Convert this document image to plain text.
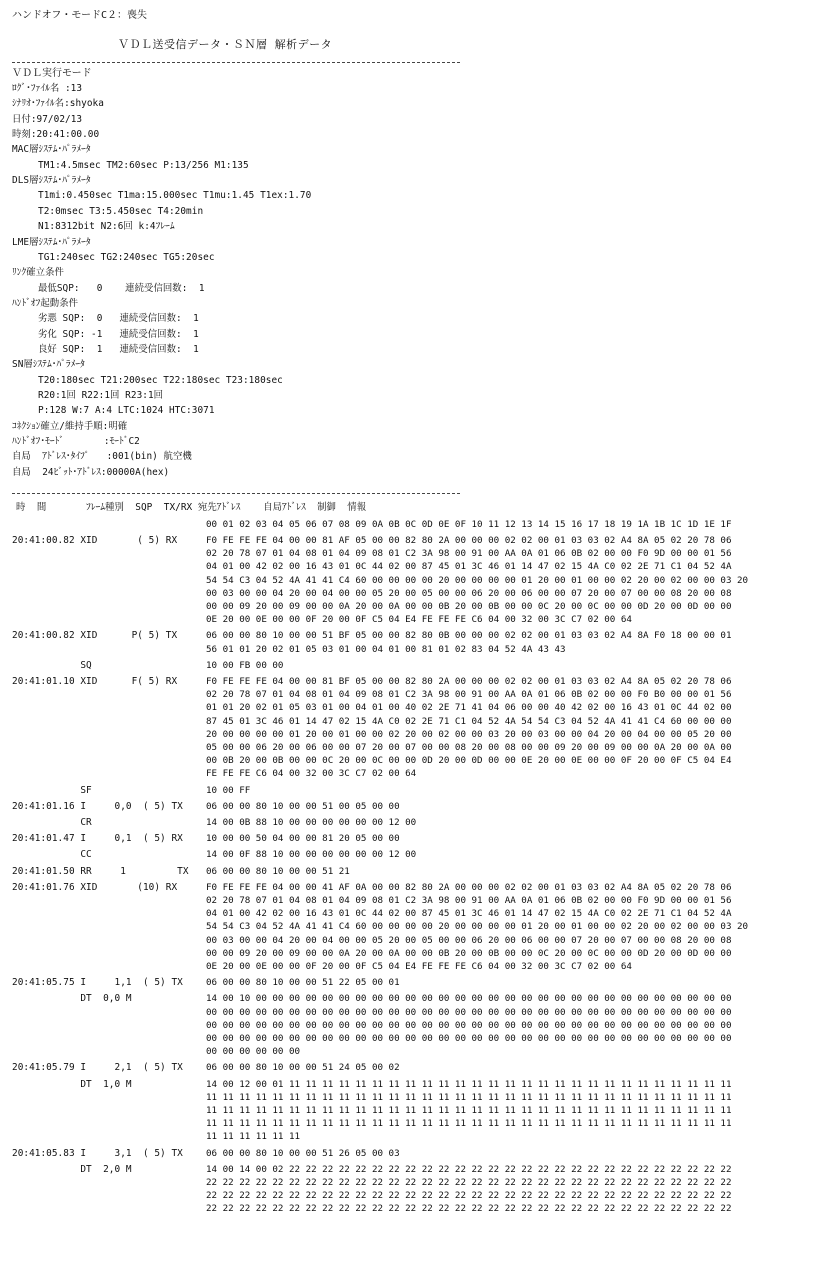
ハンドオフ・モードC２：喪失
ＶＤＬ送受信データ・ＳＮ層 解析データ
ＶＤＬ実行モード
ﾛｸﾞ･ﾌｧｲﾙ名 :13
ｼﾅﾘｵ･ﾌｧｲﾙ名:shyoka
日付:97/02/13
時刻:20:41:00.00
MAC層ｼｽﾃﾑ･ﾊﾟﾗﾒｰﾀ
TM1:4.5msec TM2:60sec P:13/256 M1:135
DLS層ｼｽﾃﾑ･ﾊﾟﾗﾒｰﾀ
T1mi:0.450sec T1ma:15.000sec T1mu:1.45 T1ex:1.70
T2:0msec T3:5.450sec T4:20min
N1:8312bit N2:6回 k:4ﾌﾚｰﾑ
LME層ｼｽﾃﾑ･ﾊﾟﾗﾒｰﾀ
TG1:240sec TG2:240sec TG5:20sec
ﾘﾝｸ確立条件
最低SQP:   0    連続受信回数:  1
ﾊﾝﾄﾞｵﾌ起動条件
劣悪 SQP:  0   連続受信回数:  1
劣化 SQP: -1   連続受信回数:  1
良好 SQP:  1   連続受信回数:  1
SN層ｼｽﾃﾑ･ﾊﾟﾗﾒｰﾀ
T20:180sec T21:200sec T22:180sec T23:180sec
R20:1回 R22:1回 R23:1回
P:128 W:7 A:4 LTC:1024 HTC:3071
ｺﾈｸｼｮﾝ確立/維持手順:明確
ﾊﾝﾄﾞｵﾌ･ﾓｰﾄﾞ       :ﾓｰﾄﾞC2
自局  ｱﾄﾞﾚｽ･ﾀｲﾌﾟ   :001(bin) 航空機
自局  24ﾋﾞｯﾄ･ｱﾄﾞﾚｽ:00000A(hex)
時  間       ﾌﾚｰﾑ種別  SQP  TX/RX 宛先ｱﾄﾞﾚｽ    自局ｱﾄﾞﾚｽ  制御  情報
00 01 02 03 04 05 06 07 08 09 0A 0B 0C 0D 0E 0F 10 11 12 13 14 15 16 17 18 19 1A 1B 1C 1D 1E 1F
20:41:00.82 XID       ( 5) RX	F0 FE FE FE 04 00 00 81 AF 05 00 00 82 80 2A 00 00 00 02 02 00 01 03 03 02 A4 8A 05 02 20 78 06
02 20 78 07 01 04 08 01 04 09 08 01 C2 3A 98 00 91 00 AA 0A 01 06 0B 02 00 00 F0 9D 00 00 01 56
04 01 00 42 02 00 16 43 01 0C 44 02 00 87 45 01 3C 46 01 14 47 02 15 4A C0 02 2E 71 C1 04 52 4A
54 54 C3 04 52 4A 41 41 C4 60 00 00 00 00 20 00 00 00 00 01 20 00 01 00 00 02 20 00 02 00 00 03 20
00 03 00 00 04 20 00 04 00 00 05 20 00 05 00 00 06 20 00 06 00 00 07 20 00 07 00 00 08 20 00 08
00 00 09 20 00 09 00 00 0A 20 00 0A 00 00 0B 20 00 0B 00 00 0C 20 00 0C 00 00 0D 20 00 0D 00 00
0E 20 00 0E 00 00 0F 20 00 0F C5 04 E4 FE FE FE C6 04 00 32 00 3C C7 02 00 64
20:41:00.82 XID      P( 5) TX	06 00 00 80 10 00 00 51 BF 05 00 00 82 80 0B 00 00 00 02 02 00 01 03 03 02 A4 8A F0 18 00 00 01
56 01 01 20 02 01 05 03 01 00 04 01 00 81 01 02 83 04 52 4A 43 43
SQ	10 00 FB 00 00
20:41:01.10 XID      F( 5) RX	F0 FE FE FE 04 00 00 81 BF 05 00 00 82 80 2A 00 00 00 02 02 00 01 03 03 02 A4 8A 05 02 20 78 06
02 20 78 07 01 04 08 01 04 09 08 01 C2 3A 98 00 91 00 AA 0A 01 06 0B 02 00 00 F0 B0 00 00 01 56
01 01 20 02 01 05 03 01 00 04 01 00 40 02 2E 71 41 04 06 00 00 40 42 02 00 16 43 01 0C 44 02 00
87 45 01 3C 46 01 14 47 02 15 4A C0 02 2E 71 C1 04 52 4A 54 54 C3 04 52 4A 41 41 C4 60 00 00 00
20 00 00 00 00 01 20 00 01 00 00 02 20 00 02 00 00 03 20 00 03 00 00 04 20 00 04 00 00 05 20 00
05 00 00 06 20 00 06 00 00 07 20 00 07 00 00 08 20 00 08 00 00 09 20 00 09 00 00 0A 20 00 0A 00
00 0B 20 00 0B 00 00 0C 20 00 0C 00 00 0D 20 00 0D 00 00 0E 20 00 0E 00 00 0F 20 00 0F C5 04 E4
FE FE FE C6 04 00 32 00 3C C7 02 00 64
SF	10 00 FF
20:41:01.16 I     0,0  ( 5) TX	06 00 00 80 10 00 00 51 00 05 00 00
CR	14 00 0B 88 10 00 00 00 00 00 00 12 00
20:41:01.47 I     0,1  ( 5) RX	10 00 00 50 04 00 00 81 20 05 00 00
CC	14 00 0F 88 10 00 00 00 00 00 00 12 00
20:41:01.50 RR     1         TX 06 00 00 80 10 00 00 51 21
20:41:01.76 XID       (10) RX	F0 FE FE FE 04 00 00 41 AF 0A 00 00 82 80 2A 00 00 00 02 02 00 01 03 03 02 A4 8A 05 02 20 78 06
02 20 78 07 01 04 08 01 04 09 08 01 C2 3A 98 00 91 00 AA 0A 01 06 0B 02 00 00 F0 9D 00 00 01 56
04 01 00 42 02 00 16 43 01 0C 44 02 00 87 45 01 3C 46 01 14 47 02 15 4A C0 02 2E 71 C1 04 52 4A
54 54 C3 04 52 4A 41 41 C4 60 00 00 00 00 20 00 00 00 00 01 20 00 01 00 00 02 20 00 02 00 00 03 20
00 03 00 00 04 20 00 04 00 00 05 20 00 05 00 00 06 20 00 06 00 00 07 20 00 07 00 00 08 20 00 08
00 00 09 20 00 09 00 00 0A 20 00 0A 00 00 0B 20 00 0B 00 00 0C 20 00 0C 00 00 0D 20 00 0D 00 00
0E 20 00 0E 00 00 0F 20 00 0F C5 04 E4 FE FE FE C6 04 00 32 00 3C C7 02 00 64
20:41:05.75 I     1,1  ( 5) TX	06 00 00 80 10 00 00 51 22 05 00 01
DT  0,0 M	14 00 10 00 00 00 00 00 00 00 00 00 00 00 00 00 00 00 00 00 00 00 00 00 00 00 00 00 00 00 00 00
00 00 00 00 00 00 00 00 00 00 00 00 00 00 00 00 00 00 00 00 00 00 00 00 00 00 00 00 00 00 00 00
00 00 00 00 00 00 00 00 00 00 00 00 00 00 00 00 00 00 00 00 00 00 00 00 00 00 00 00 00 00 00 00
00 00 00 00 00 00 00 00 00 00 00 00 00 00 00 00 00 00 00 00 00 00 00 00 00 00 00 00 00 00 00 00
00 00 00 00 00 00
20:41:05.79 I     2,1  ( 5) TX	06 00 00 80 10 00 00 51 24 05 00 02
DT  1,0 M	14 00 12 00 01 11 11 11 11 11 11 11 11 11 11 11 11 11 11 11 11 11 11 11 11 11 11 11 11 11 11 11
11 11 11 11 11 11 11 11 11 11 11 11 11 11 11 11 11 11 11 11 11 11 11 11 11 11 11 11 11 11 11 11
11 11 11 11 11 11 11 11 11 11 11 11 11 11 11 11 11 11 11 11 11 11 11 11 11 11 11 11 11 11 11 11
11 11 11 11 11 11 11 11 11 11 11 11 11 11 11 11 11 11 11 11 11 11 11 11 11 11 11 11 11 11 11 11
11 11 11 11 11 11
20:41:05.83 I     3,1  ( 5) TX	06 00 00 80 10 00 00 51 26 05 00 03
DT  2,0 M	14 00 14 00 02 22 22 22 22 22 22 22 22 22 22 22 22 22 22 22 22 22 22 22 22 22 22 22 22 22 22 22
22 22 22 22 22 22 22 22 22 22 22 22 22 22 22 22 22 22 22 22 22 22 22 22 22 22 22 22 22 22 22 22
22 22 22 22 22 22 22 22 22 22 22 22 22 22 22 22 22 22 22 22 22 22 22 22 22 22 22 22 22 22 22 22
22 22 22 22 22 22 22 22 22 22 22 22 22 22 22 22 22 22 22 22 22 22 22 22 22 22 22 22 22 22 22 22
